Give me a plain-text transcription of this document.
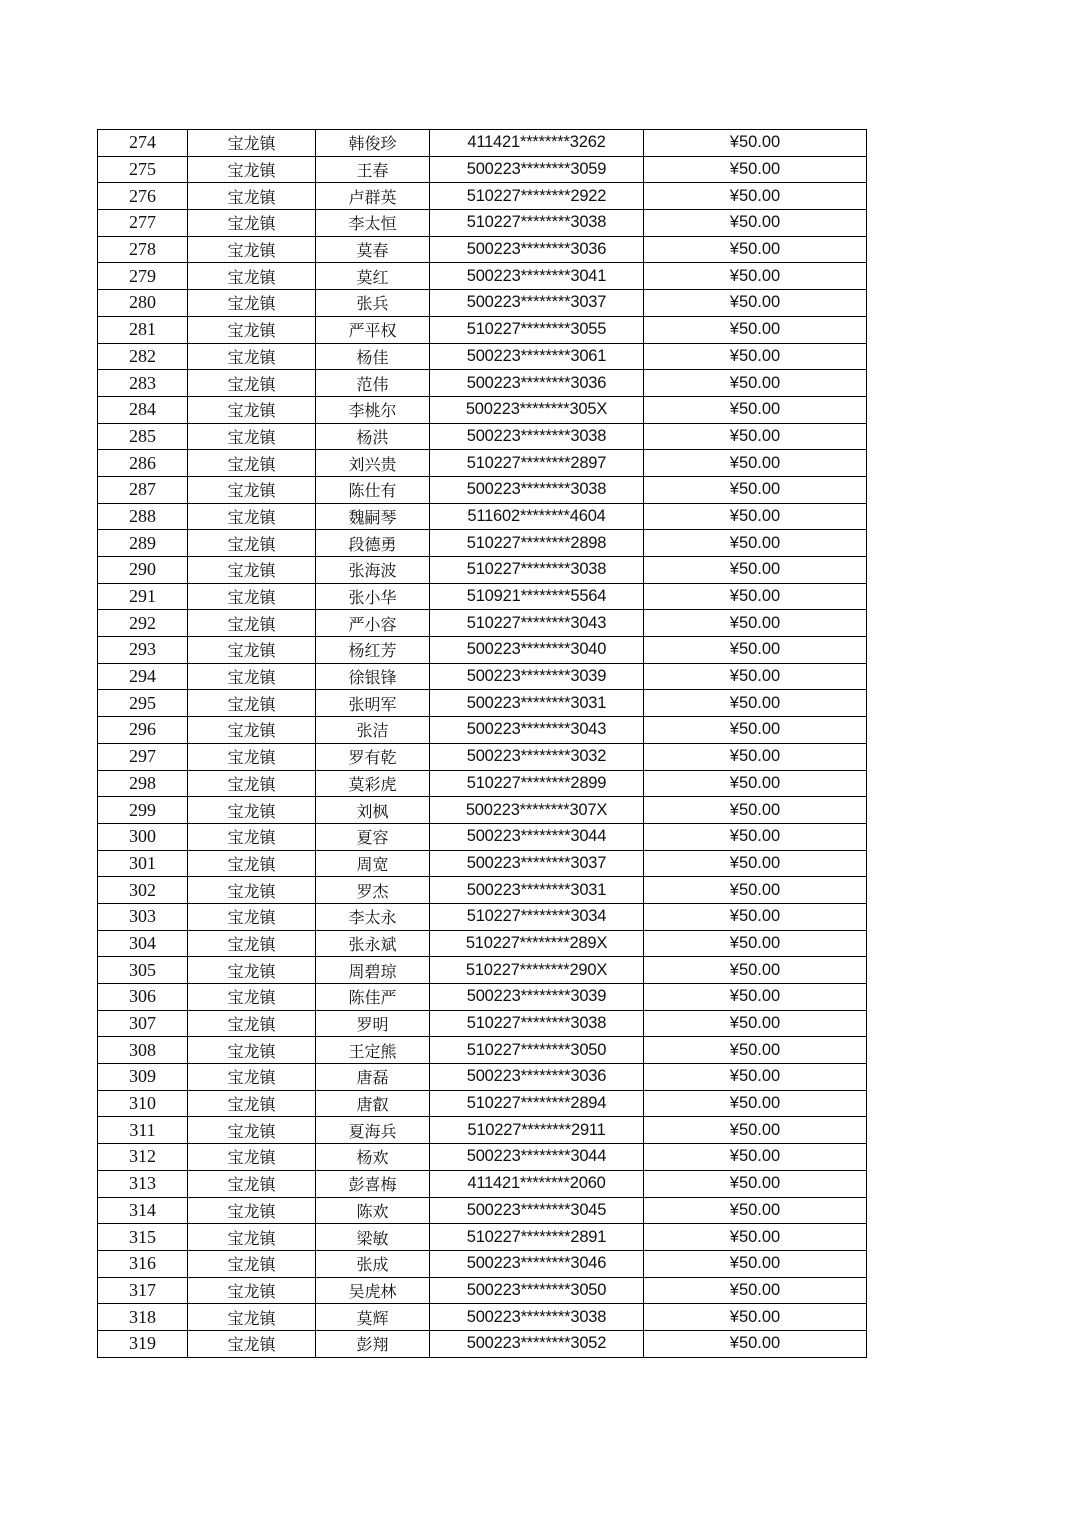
274	宝龙镇	韩俊珍	411421********3262	¥50.00
275	宝龙镇	王春	500223********3059	¥50.00
276	宝龙镇	卢群英	510227********2922	¥50.00
277	宝龙镇	李太恒	510227********3038	¥50.00
278	宝龙镇	莫春	500223********3036	¥50.00
279	宝龙镇	莫红	500223********3041	¥50.00
280	宝龙镇	张兵	500223********3037	¥50.00
281	宝龙镇	严平权	510227********3055	¥50.00
282	宝龙镇	杨佳	500223********3061	¥50.00
283	宝龙镇	范伟	500223********3036	¥50.00
284	宝龙镇	李桃尔	500223********305X	¥50.00
285	宝龙镇	杨洪	500223********3038	¥50.00
286	宝龙镇	刘兴贵	510227********2897	¥50.00
287	宝龙镇	陈仕有	500223********3038	¥50.00
288	宝龙镇	魏嗣琴	511602********4604	¥50.00
289	宝龙镇	段德勇	510227********2898	¥50.00
290	宝龙镇	张海波	510227********3038	¥50.00
291	宝龙镇	张小华	510921********5564	¥50.00
292	宝龙镇	严小容	510227********3043	¥50.00
293	宝龙镇	杨红芳	500223********3040	¥50.00
294	宝龙镇	徐银锋	500223********3039	¥50.00
295	宝龙镇	张明军	500223********3031	¥50.00
296	宝龙镇	张洁	500223********3043	¥50.00
297	宝龙镇	罗有乾	500223********3032	¥50.00
298	宝龙镇	莫彩虎	510227********2899	¥50.00
299	宝龙镇	刘枫	500223********307X	¥50.00
300	宝龙镇	夏容	500223********3044	¥50.00
301	宝龙镇	周宽	500223********3037	¥50.00
302	宝龙镇	罗杰	500223********3031	¥50.00
303	宝龙镇	李太永	510227********3034	¥50.00
304	宝龙镇	张永斌	510227********289X	¥50.00
305	宝龙镇	周碧琼	510227********290X	¥50.00
306	宝龙镇	陈佳严	500223********3039	¥50.00
307	宝龙镇	罗明	510227********3038	¥50.00
308	宝龙镇	王定熊	510227********3050	¥50.00
309	宝龙镇	唐磊	500223********3036	¥50.00
310	宝龙镇	唐叡	510227********2894	¥50.00
311	宝龙镇	夏海兵	510227********2911	¥50.00
312	宝龙镇	杨欢	500223********3044	¥50.00
313	宝龙镇	彭喜梅	411421********2060	¥50.00
314	宝龙镇	陈欢	500223********3045	¥50.00
315	宝龙镇	梁敏	510227********2891	¥50.00
316	宝龙镇	张成	500223********3046	¥50.00
317	宝龙镇	吴虎林	500223********3050	¥50.00
318	宝龙镇	莫辉	500223********3038	¥50.00
319	宝龙镇	彭翔	500223********3052	¥50.00
